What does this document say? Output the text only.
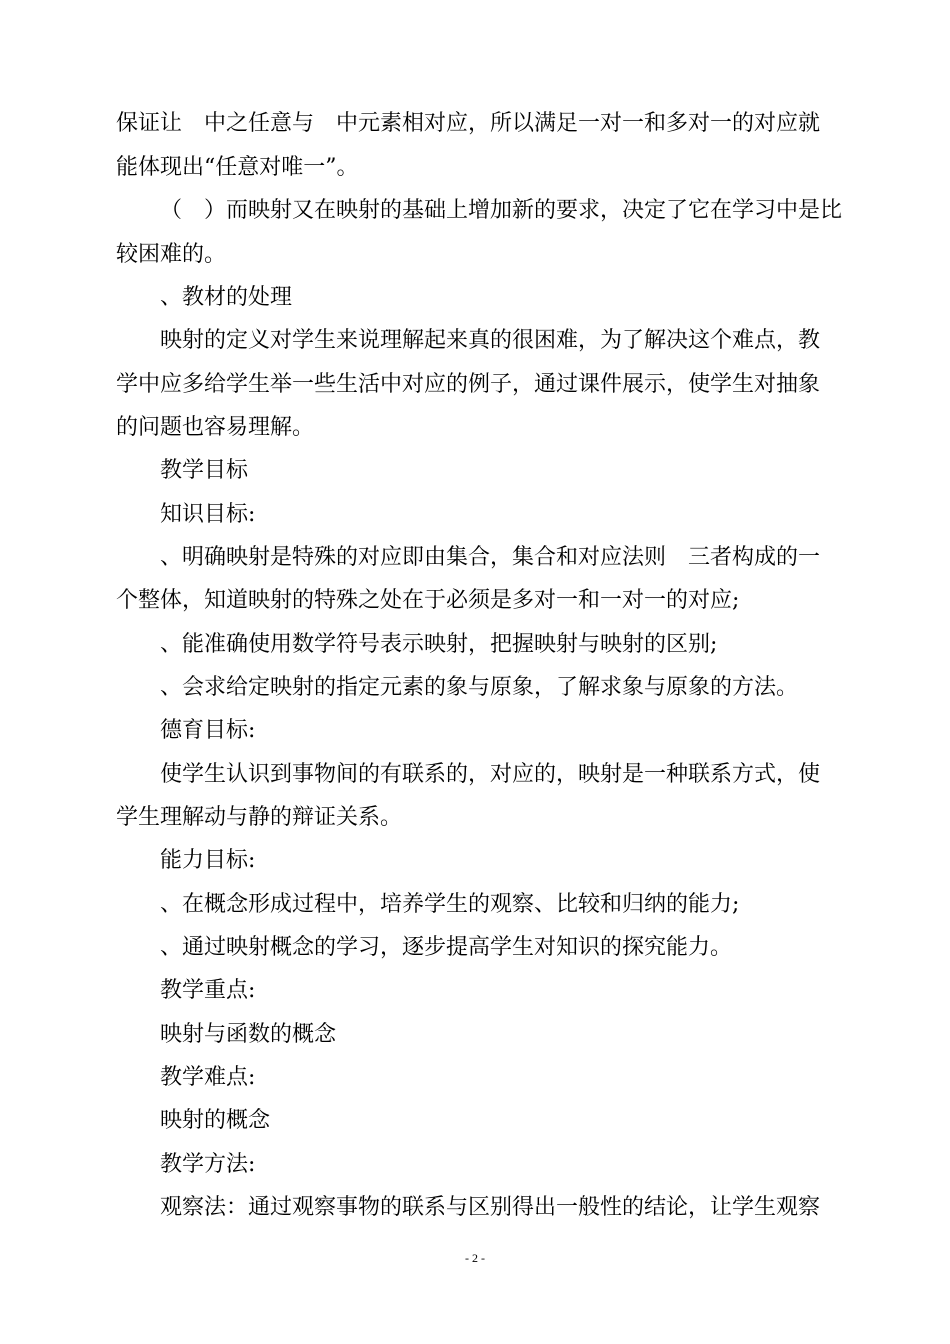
保证让　中之任意与　中元素相对应，所以满足一对一和多对一的对应就
能体现出“任意对唯一”。
（　）而映射又在映射的基础上增加新的要求，决定了它在学习中是比
较困难的。
、教材的处理
映射的定义对学生来说理解起来真的很困难，为了解决这个难点，教
学中应多给学生举一些生活中对应的例子，通过课件展示，使学生对抽象
的问题也容易理解。
教学目标
知识目标:
、明确映射是特殊的对应即由集合，集合和对应法则　三者构成的一
个整体，知道映射的特殊之处在于必须是多对一和一对一的对应;
、能准确使用数学符号表示映射，把握映射与映射的区别;
、会求给定映射的指定元素的象与原象，了解求象与原象的方法。
德育目标:
使学生认识到事物间的有联系的，对应的，映射是一种联系方式，使
学生理解动与静的辩证关系。
能力目标:
、在概念形成过程中，培养学生的观察、比较和归纳的能力;
、通过映射概念的学习，逐步提高学生对知识的探究能力。
教学重点:
映射与函数的概念
教学难点:
映射的概念
教学方法:
观察法：通过观察事物的联系与区别得出一般性的结论，让学生观察
- 2 -
